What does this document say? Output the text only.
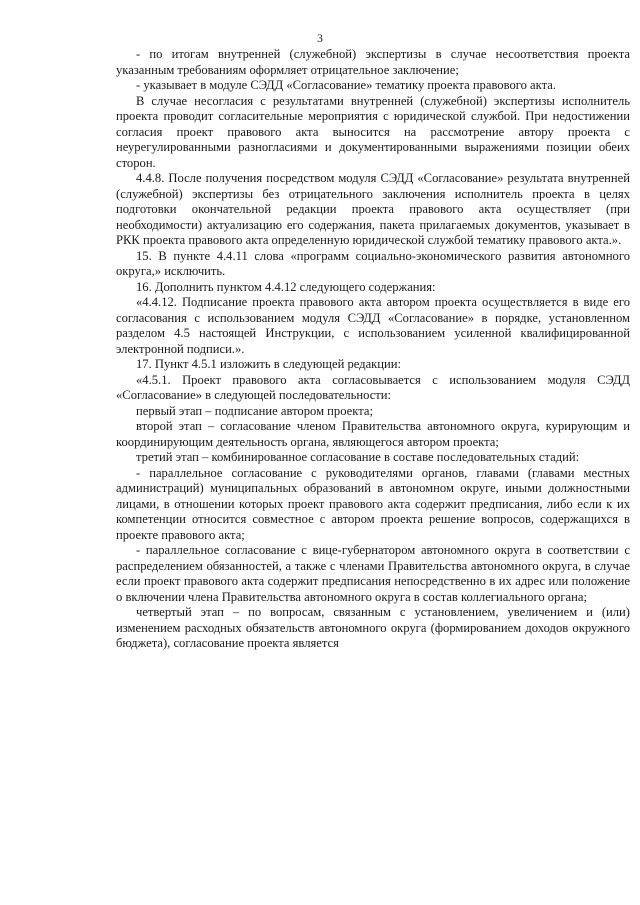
3

- по итогам внутренней (служебной) экспертизы в случае несоответствия проекта указанным требованиям оформляет отрицательное заключение;

- указывает в модуле СЭДД «Согласование» тематику проекта правового акта.

В случае несогласия с результатами внутренней (служебной) экспертизы исполнитель проекта проводит согласительные мероприятия с юридической службой. При недостижении согласия проект правового акта выносится на рассмотрение автору проекта с неурегулированными разногласиями и документированными выражениями позиции обеих сторон.

4.4.8. После получения посредством модуля СЭДД «Согласование» результата внутренней (служебной) экспертизы без отрицательного заключения исполнитель проекта в целях подготовки окончательной редакции проекта правового акта осуществляет (при необходимости) актуализацию его содержания, пакета прилагаемых документов, указывает в РКК проекта правового акта определенную юридической службой тематику правового акта.».

15. В пункте 4.4.11 слова «программ социально-экономического развития автономного округа,» исключить.

16. Дополнить пунктом 4.4.12 следующего содержания:

«4.4.12. Подписание проекта правового акта автором проекта осуществляется в виде его согласования с использованием модуля СЭДД «Согласование» в порядке, установленном разделом 4.5 настоящей Инструкции, с использованием усиленной квалифицированной электронной подписи.».

17. Пункт 4.5.1 изложить в следующей редакции:

«4.5.1. Проект правового акта согласовывается с использованием модуля СЭДД «Согласование» в следующей последовательности:

первый этап – подписание автором проекта;

второй этап – согласование членом Правительства автономного округа, курирующим и координирующим деятельность органа, являющегося автором проекта;

третий этап – комбинированное согласование в составе последовательных стадий:

- параллельное согласование с руководителями органов, главами (главами местных администраций) муниципальных образований в автономном округе, иными должностными лицами, в отношении которых проект правового акта содержит предписания, либо если к их компетенции относится совместное с автором проекта решение вопросов, содержащихся в проекте правового акта;

- параллельное согласование с вице-губернатором автономного округа в соответствии с распределением обязанностей, а также с членами Правительства автономного округа, в случае если проект правового акта содержит предписания непосредственно в их адрес или положение о включении члена Правительства автономного округа в состав коллегиального органа;

четвертый этап – по вопросам, связанным с установлением, увеличением и (или) изменением расходных обязательств автономного округа (формированием доходов окружного бюджета), согласование проекта является
